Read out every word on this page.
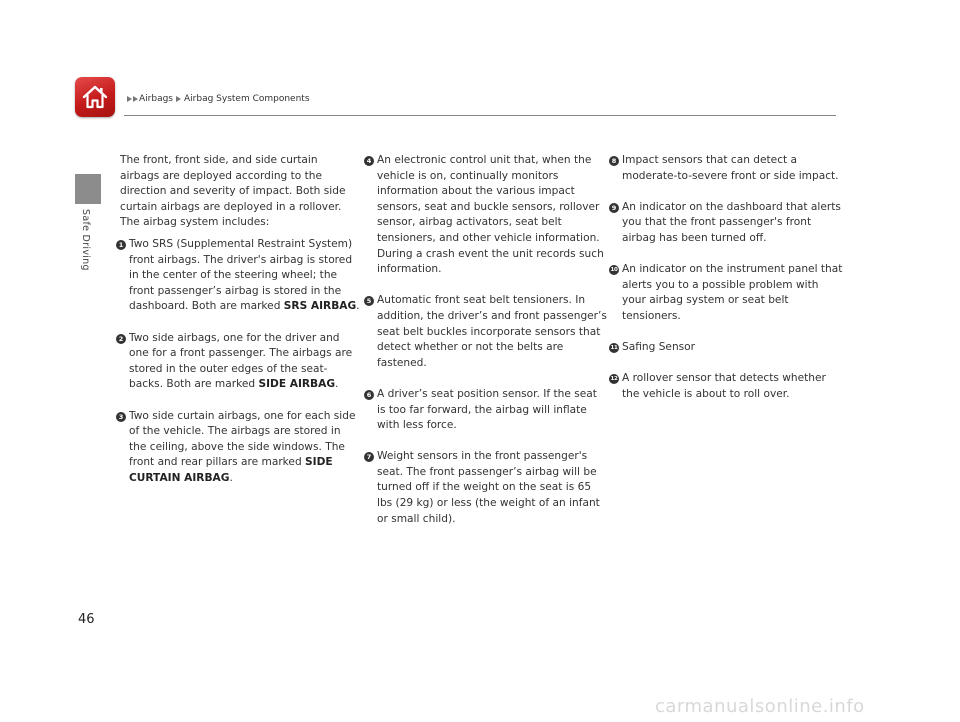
Airbags Airbag System Components
Safe Driving

The front, front side, and side curtain airbags are deployed according to the direction and severity of impact. Both side curtain airbags are deployed in a rollover. The airbag system includes:

1 Two SRS (Supplemental Restraint System) front airbags. The driver's airbag is stored in the center of the steering wheel; the front passenger’s airbag is stored in the dashboard. Both are marked SRS AIRBAG.
2 Two side airbags, one for the driver and one for a front passenger. The airbags are stored in the outer edges of the seat-backs. Both are marked SIDE AIRBAG.
3 Two side curtain airbags, one for each side of the vehicle. The airbags are stored in the ceiling, above the side windows. The front and rear pillars are marked SIDE CURTAIN AIRBAG.
4 An electronic control unit that, when the vehicle is on, continually monitors information about the various impact sensors, seat and buckle sensors, rollover sensor, airbag activators, seat belt tensioners, and other vehicle information. During a crash event the unit records such information.
5 Automatic front seat belt tensioners. In addition, the driver’s and front passenger’s seat belt buckles incorporate sensors that detect whether or not the belts are fastened.
6 A driver’s seat position sensor. If the seat is too far forward, the airbag will inflate with less force.
7 Weight sensors in the front passenger's seat. The front passenger’s airbag will be turned off if the weight on the seat is 65 lbs (29 kg) or less (the weight of an infant or small child).
8 Impact sensors that can detect a moderate-to-severe front or side impact.
9 An indicator on the dashboard that alerts you that the front passenger's front airbag has been turned off.
10 An indicator on the instrument panel that alerts you to a possible problem with your airbag system or seat belt tensioners.
11 Safing Sensor
12 A rollover sensor that detects whether the vehicle is about to roll over.
46
carmanualsonline.info
